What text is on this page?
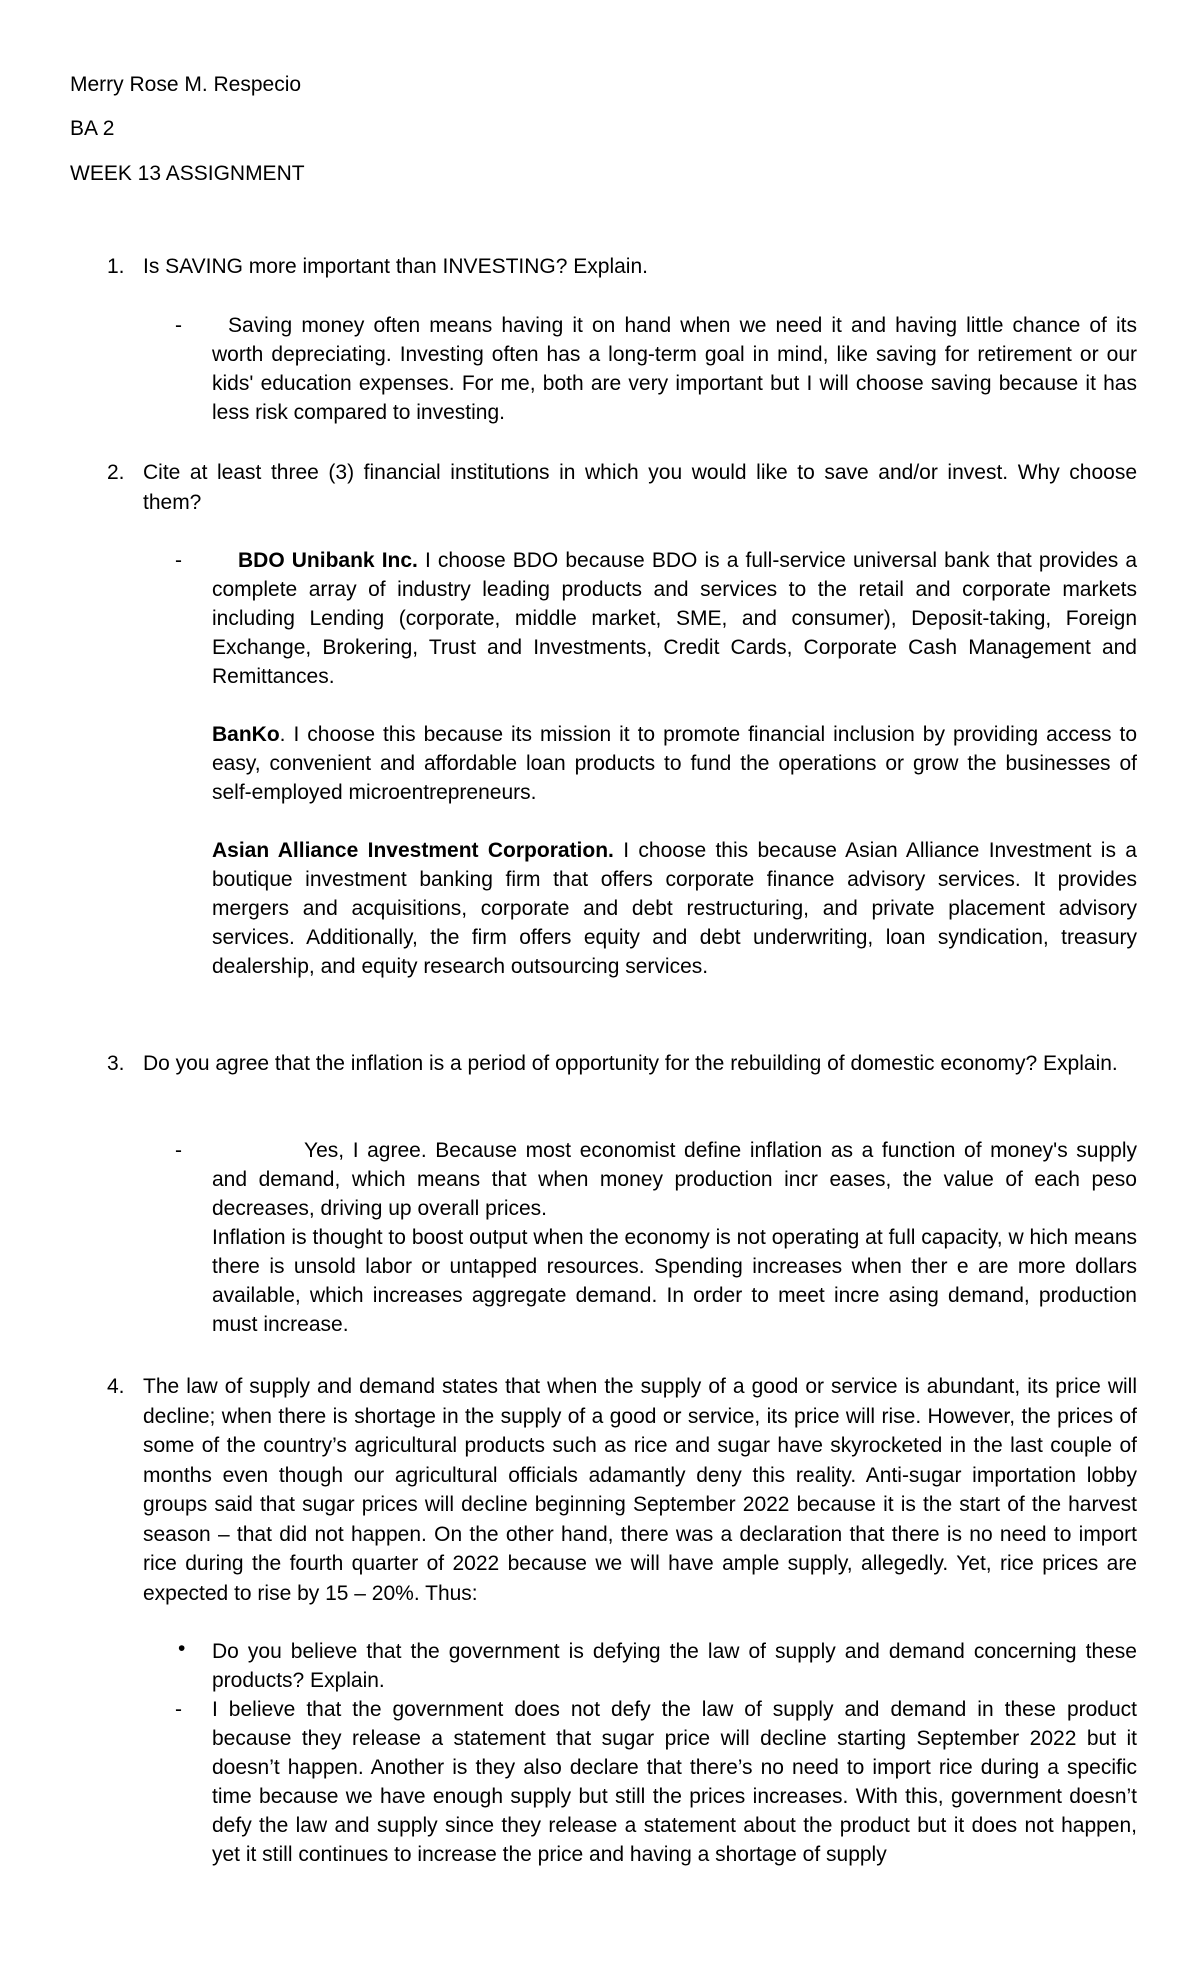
Merry Rose M. Respecio
BA 2
WEEK 13 ASSIGNMENT
1. Is SAVING more important than INVESTING? Explain.
-	Saving money often means having it on hand when we need it and having little chance of its worth depreciating. Investing often has a long-term goal in mind, like saving for retirement or our kids' education expenses. For me, both are very important but I will choose saving because it has less risk compared to investing.

2. Cite at least three (3) financial institutions in which you would like to save and/or invest. Why choose them?
-	BDO Unibank Inc. I choose BDO because BDO is a full-service universal bank that provides a complete array of industry leading products and services to the retail and corporate markets including Lending (corporate, middle market, SME, and consumer), Deposit-taking, Foreign Exchange, Brokering, Trust and Investments, Credit Cards, Corporate Cash Management and Remittances.

BanKo. I choose this because its mission it to promote financial inclusion by providing access to easy, convenient and affordable loan products to fund the operations or grow the businesses of self-employed microentrepreneurs.

Asian Alliance Investment Corporation. I choose this because Asian Alliance Investment is a boutique investment banking firm that offers corporate finance advisory services. It provides mergers and acquisitions, corporate and debt restructuring, and private placement advisory services. Additionally, the firm offers equity and debt underwriting, loan syndication, treasury dealership, and equity research outsourcing services.

3. Do you agree that the inflation is a period of opportunity for the rebuilding of domestic economy? Explain.
-	Yes, I agree. Because most economist define inflation as a function of money's supply and demand, which means that when money production incr eases, the value of each peso decreases, driving up overall prices.

Inflation is thought to boost output when the economy is not operating at full capacity, w hich means there is unsold labor or untapped resources. Spending increases when ther e are more dollars available, which increases aggregate demand. In order to meet incre asing demand, production must increase.

4. The law of supply and demand states that when the supply of a good or service is abundant, its price will decline; when there is shortage in the supply of a good or service, its price will rise. However, the prices of some of the country’s agricultural products such as rice and sugar have skyrocketed in the last couple of months even though our agricultural officials adamantly deny this reality. Anti-sugar importation lobby groups said that sugar prices will decline beginning September 2022 because it is the start of the harvest season – that did not happen. On the other hand, there was a declaration that there is no need to import rice during the fourth quarter of 2022 because we will have ample supply, allegedly. Yet, rice prices are expected to rise by 15 – 20%. Thus:
• Do you believe that the government is defying the law of supply and demand concerning these products? Explain.
- I believe that the government does not defy the law of supply and demand in these product because they release a statement that sugar price will decline starting September 2022 but it doesn’t happen. Another is they also declare that there’s no need to import rice during a specific time because we have enough supply but still the prices increases. With this, government doesn’t defy the law and supply since they release a statement about the product but it does not happen, yet it still continues to increase the price and having a shortage of supply
